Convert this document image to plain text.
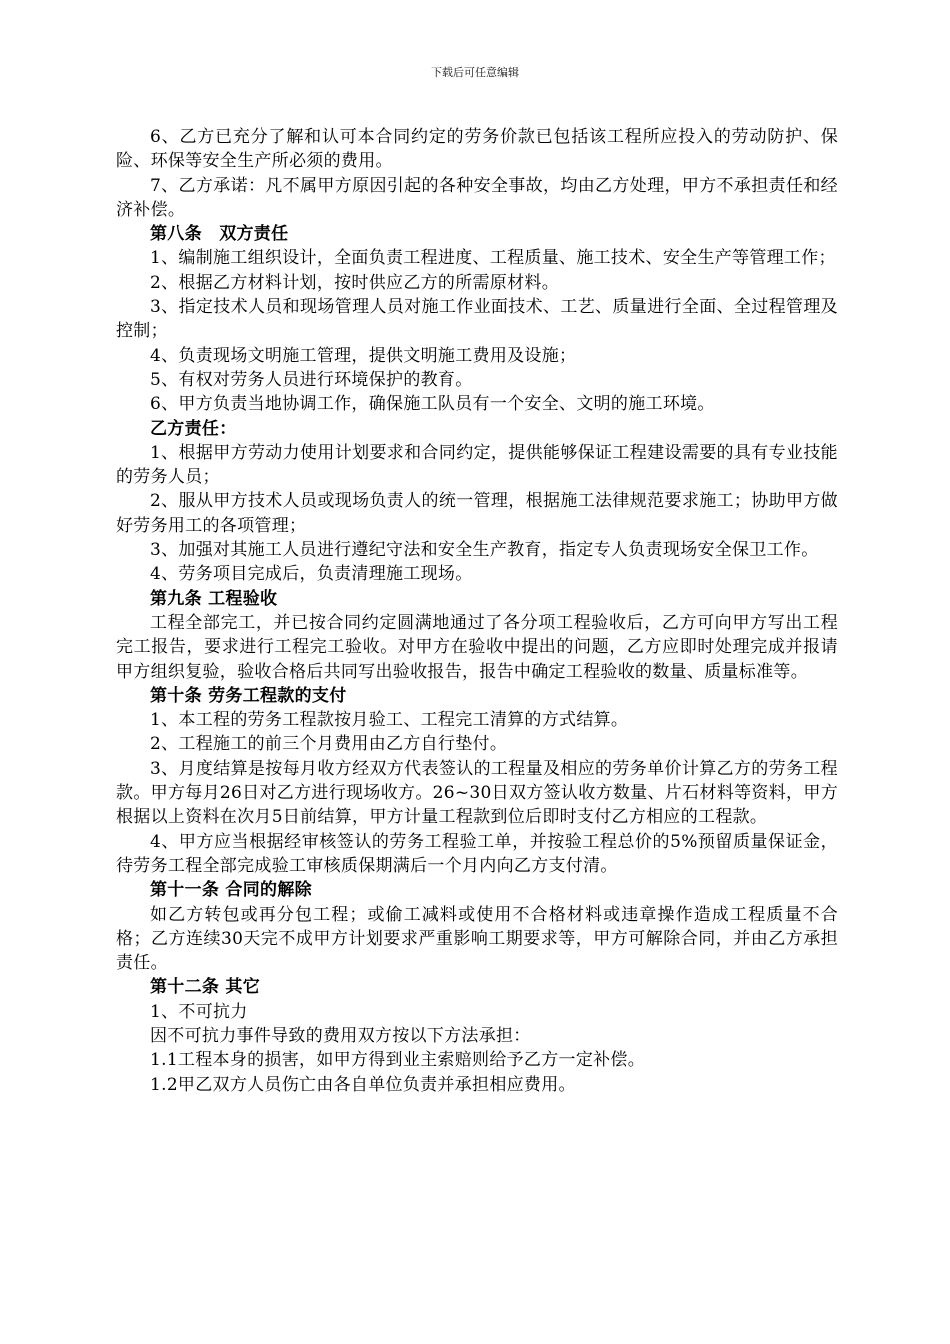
下载后可任意编辑

6、乙方已充分了解和认可本合同约定的劳务价款已包括该工程所应投入的劳动防护、保险、环保等安全生产所必须的费用。

7、乙方承诺：凡不属甲方原因引起的各种安全事故，均由乙方处理，甲方不承担责任和经济补偿。

第八条　双方责任

1、编制施工组织设计，全面负责工程进度、工程质量、施工技术、安全生产等管理工作；

2、根据乙方材料计划，按时供应乙方的所需原材料。

3、指定技术人员和现场管理人员对施工作业面技术、工艺、质量进行全面、全过程管理及控制；

4、负责现场文明施工管理，提供文明施工费用及设施；

5、有权对劳务人员进行环境保护的教育。

6、甲方负责当地协调工作，确保施工队员有一个安全、文明的施工环境。

乙方责任：

1、根据甲方劳动力使用计划要求和合同约定，提供能够保证工程建设需要的具有专业技能的劳务人员；

2、服从甲方技术人员或现场负责人的统一管理，根据施工法律规范要求施工；协助甲方做好劳务用工的各项管理；

3、加强对其施工人员进行遵纪守法和安全生产教育，指定专人负责现场安全保卫工作。

4、劳务项目完成后，负责清理施工现场。

第九条 工程验收

工程全部完工，并已按合同约定圆满地通过了各分项工程验收后，乙方可向甲方写出工程完工报告，要求进行工程完工验收。对甲方在验收中提出的问题，乙方应即时处理完成并报请甲方组织复验，验收合格后共同写出验收报告，报告中确定工程验收的数量、质量标准等。

第十条 劳务工程款的支付

1、本工程的劳务工程款按月验工、工程完工清算的方式结算。

2、工程施工的前三个月费用由乙方自行垫付。

3、月度结算是按每月收方经双方代表签认的工程量及相应的劳务单价计算乙方的劳务工程款。甲方每月26日对乙方进行现场收方。26~30日双方签认收方数量、片石材料等资料，甲方根据以上资料在次月5日前结算，甲方计量工程款到位后即时支付乙方相应的工程款。

4、甲方应当根据经审核签认的劳务工程验工单，并按验工程总价的5%预留质量保证金，待劳务工程全部完成验工审核质保期满后一个月内向乙方支付清。

第十一条 合同的解除

如乙方转包或再分包工程；或偷工减料或使用不合格材料或违章操作造成工程质量不合格；乙方连续30天完不成甲方计划要求严重影响工期要求等，甲方可解除合同，并由乙方承担责任。

第十二条 其它

1、不可抗力

因不可抗力事件导致的费用双方按以下方法承担：

1.1工程本身的损害，如甲方得到业主索赔则给予乙方一定补偿。

1.2甲乙双方人员伤亡由各自单位负责并承担相应费用。
